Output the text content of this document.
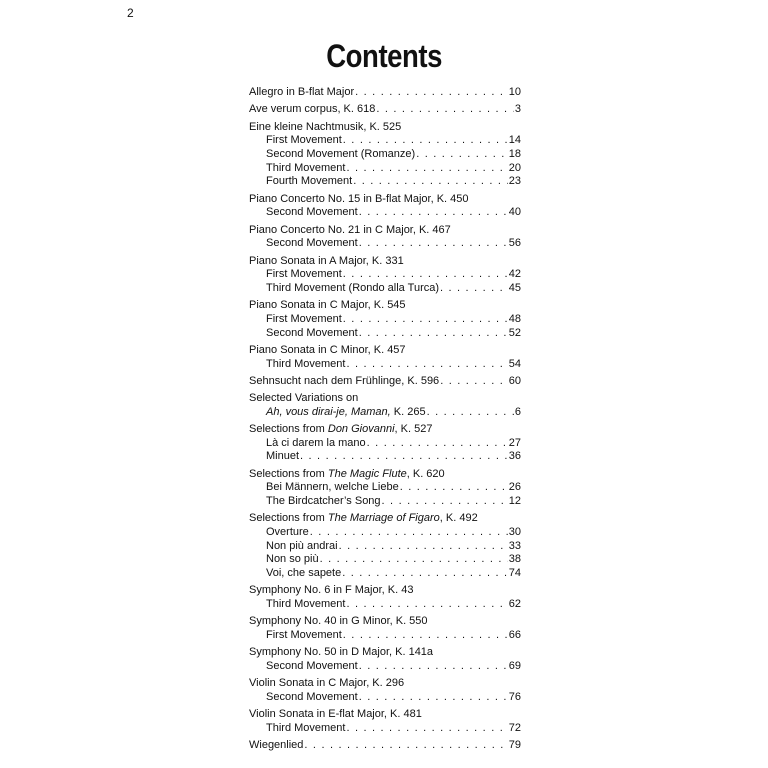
2
Contents
Allegro in B-flat Major . . .	10
Ave verum corpus, K. 618 . . .	3
Eine kleine Nachtmusik, K. 525
First Movement . . .	14
Second Movement (Romanze) . . .	18
Third Movement . . .	20
Fourth Movement . . .	23
Piano Concerto No. 15 in B-flat Major, K. 450
Second Movement . . .	40
Piano Concerto No. 21 in C Major, K. 467
Second Movement . . .	56
Piano Sonata in A Major, K. 331
First Movement . . .	42
Third Movement (Rondo alla Turca) . . .	45
Piano Sonata in C Major, K. 545
First Movement . . .	48
Second Movement . . .	52
Piano Sonata in C Minor, K. 457
Third Movement . . .	54
Sehnsucht nach dem Frühlinge, K. 596 . . .	60
Selected Variations on
Ah, vous dirai-je, Maman, K. 265 . . .	6
Selections from Don Giovanni, K. 527
Là ci darem la mano . . .	27
Minuet . . .	36
Selections from The Magic Flute, K. 620
Bei Männern, welche Liebe . . .	26
The Birdcatcher’s Song . . .	12
Selections from The Marriage of Figaro, K. 492
Overture . . .	30
Non più andrai . . .	33
Non so più . . .	38
Voi, che sapete . . .	74
Symphony No. 6 in F Major, K. 43
Third Movement . . .	62
Symphony No. 40 in G Minor, K. 550
First Movement . . .	66
Symphony No. 50 in D Major, K. 141a
Second Movement . . .	69
Violin Sonata in C Major, K. 296
Second Movement . . .	76
Violin Sonata in E-flat Major, K. 481
Third Movement . . .	72
Wiegenlied . . .	79
